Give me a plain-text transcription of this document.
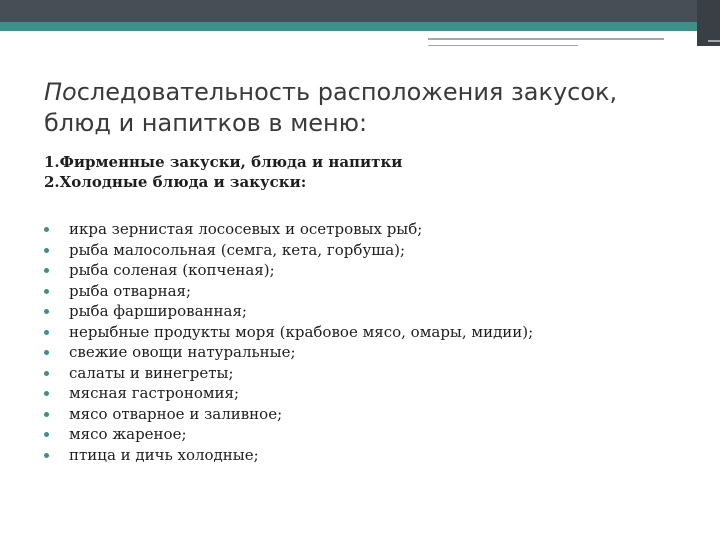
Последовательность расположения закусок, блюд и напитков в меню:
1.Фирменные закуски, блюда и напитки
2.Холодные блюда и закуски:
икра зернистая лососевых и осетровых рыб;
рыба малосольная (семга, кета, горбуша);
рыба соленая (копченая);
рыба отварная;
рыба фаршированная;
нерыбные продукты моря (крабовое мясо, омары, мидии);
свежие овощи натуральные;
салаты и винегреты;
мясная гастрономия;
мясо отварное и заливное;
мясо жареное;
птица и дичь холодные;
